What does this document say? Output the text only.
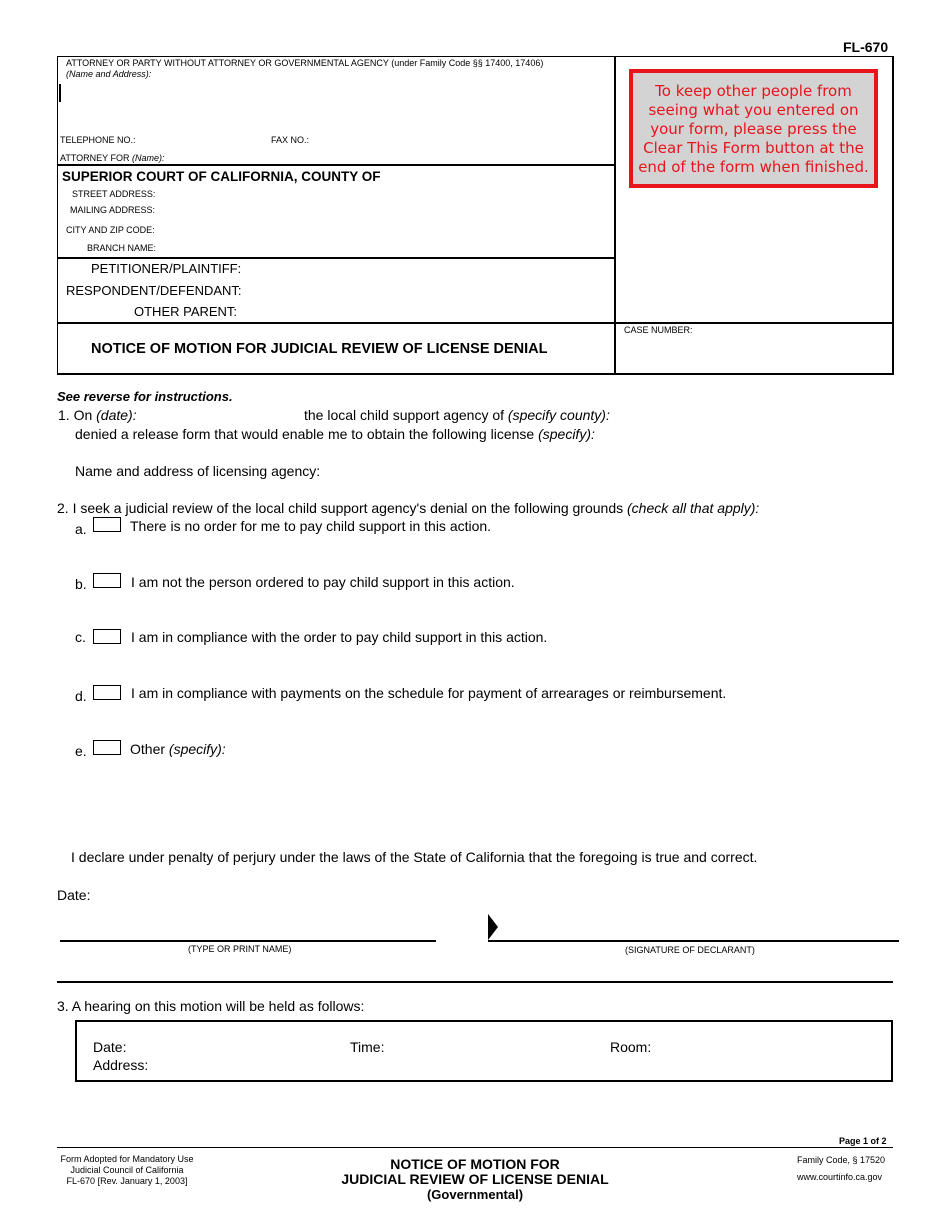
FL-670
ATTORNEY OR PARTY WITHOUT ATTORNEY OR GOVERNMENTAL AGENCY (under Family Code §§ 17400, 17406)
(Name and Address):
TELEPHONE NO.:	FAX NO.:
ATTORNEY FOR (Name):
SUPERIOR COURT OF CALIFORNIA, COUNTY OF
STREET ADDRESS:
MAILING ADDRESS:
CITY AND ZIP CODE:
BRANCH NAME:
PETITIONER/PLAINTIFF:
RESPONDENT/DEFENDANT:
OTHER PARENT:
CASE NUMBER:
NOTICE OF MOTION FOR JUDICIAL REVIEW OF LICENSE DENIAL
To keep other people from seeing what you entered on your form, please press the Clear This Form button at the end of the form when finished.
See reverse for instructions.
1. On (date):	the local child support agency of (specify county):
denied a release form that would enable me to obtain the following license (specify):
Name and address of licensing agency:
2. I seek a judicial review of the local child support agency's denial on the following grounds (check all that apply):
a.	There is no order for me to pay child support in this action.
b.	I am not the person ordered to pay child support in this action.
c.	I am in compliance with the order to pay child support in this action.
d.	I am in compliance with payments on the schedule for payment of arrearages or reimbursement.
e.	Other (specify):
I declare under penalty of perjury under the laws of the State of California that the foregoing is true and correct.
Date:
(TYPE OR PRINT NAME)	(SIGNATURE OF DECLARANT)
3. A hearing on this motion will be held as follows:
Date:	Time:	Room:
Address:
Page 1 of 2
Form Adopted for Mandatory Use
Judicial Council of California
FL-670 [Rev. January 1, 2003]
NOTICE OF MOTION FOR
JUDICIAL REVIEW OF LICENSE DENIAL
(Governmental)
Family Code, § 17520
www.courtinfo.ca.gov
